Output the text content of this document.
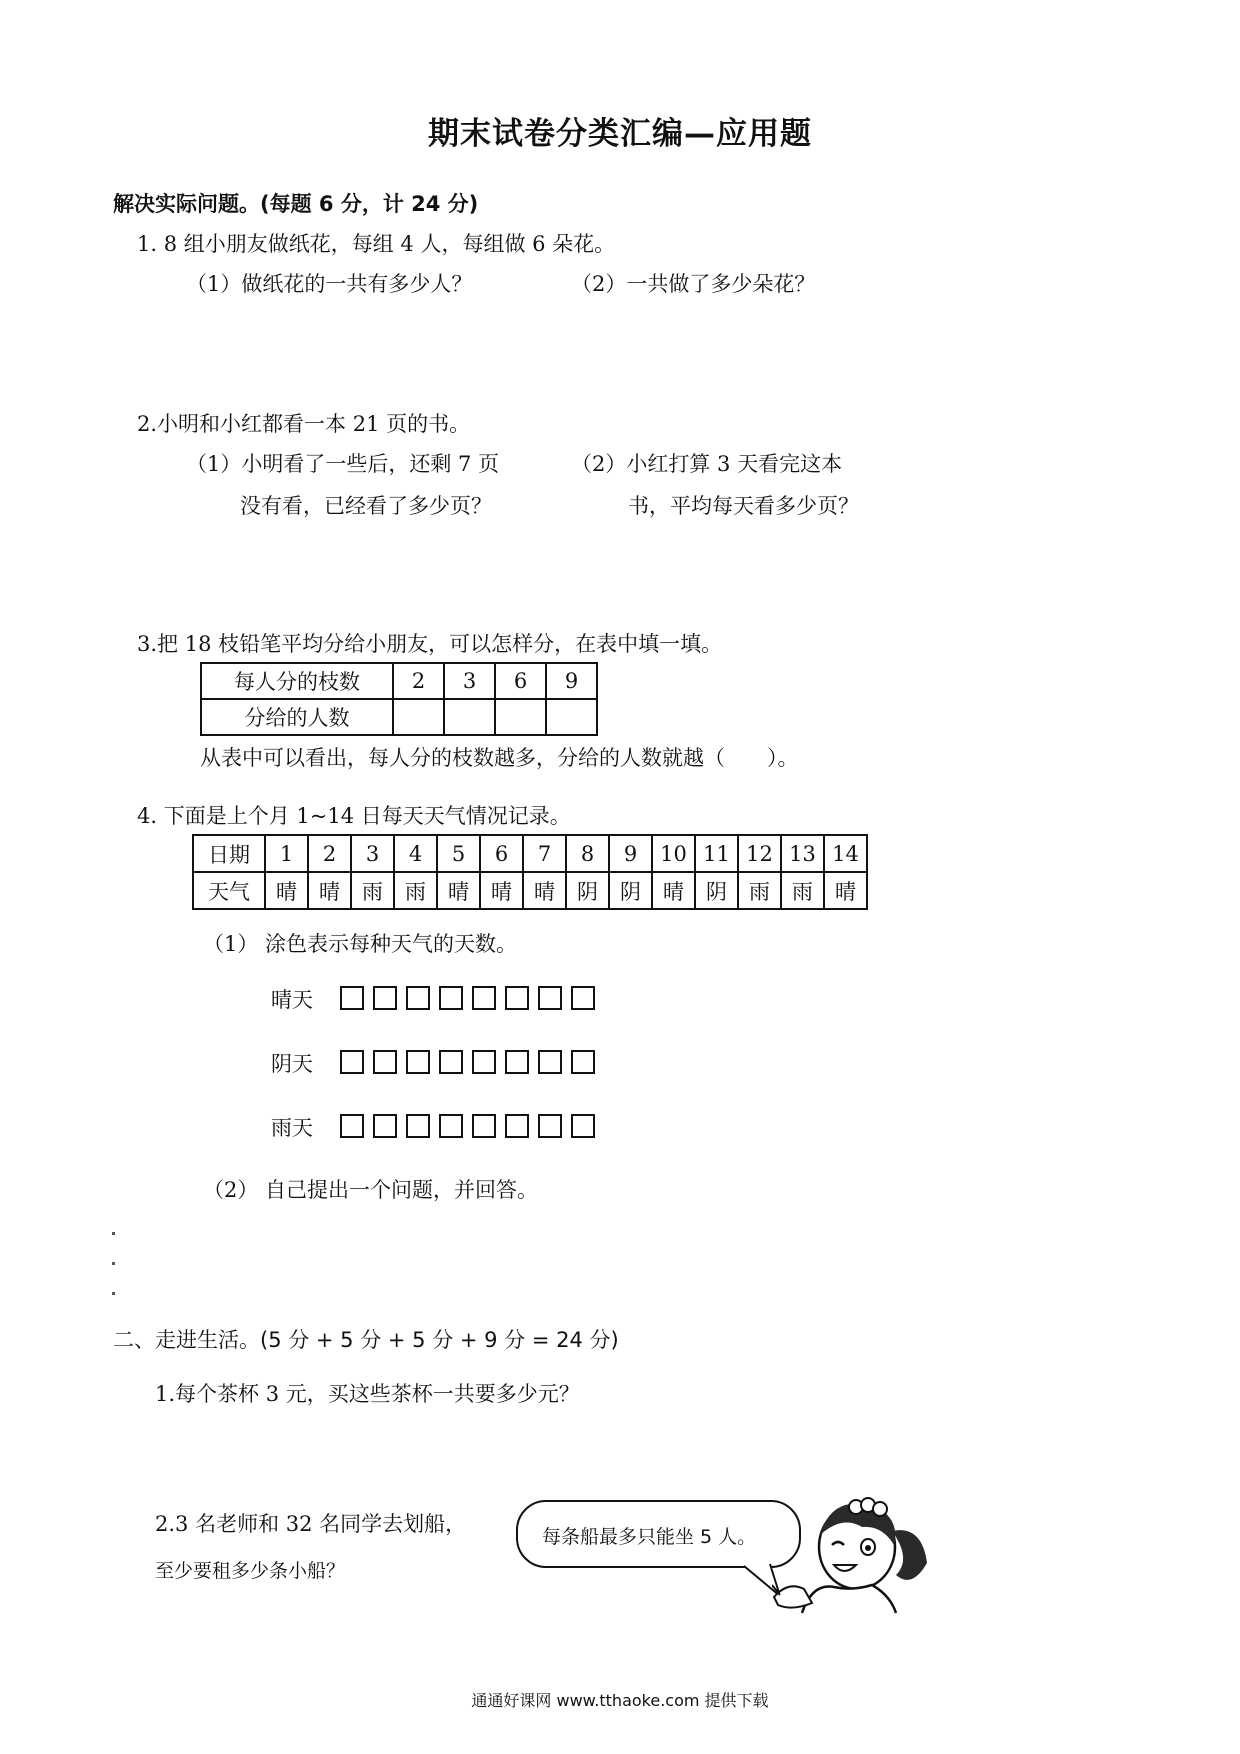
期末试卷分类汇编—应用题
解决实际问题。(每题 6 分，计 24 分)
1. 8 组小朋友做纸花，每组 4 人，每组做 6 朵花。
（1）做纸花的一共有多少人？	（2）一共做了多少朵花？
2.小明和小红都看一本 21 页的书。
（1）小明看了一些后，还剩 7 页
没有看，已经看了多少页？
（2）小红打算 3 天看完这本
书，平均每天看多少页？
3.把 18 枝铅笔平均分给小朋友，可以怎样分，在表中填一填。
每人分的枝数	2	3	6	9
分给的人数				
从表中可以看出，每人分的枝数越多，分给的人数就越（　　）。
4. 下面是上个月 1~14 日每天天气情况记录。
日期	1	2	3	4	5	6	7	8	9	10	11	12	13	14
天气	晴	晴	雨	雨	晴	晴	晴	阴	阴	晴	阴	雨	雨	晴
（1） 涂色表示每种天气的天数。
晴天
阴天
雨天
（2） 自己提出一个问题，并回答。
二、走进生活。(5 分 + 5 分 + 5 分 + 9 分 = 24 分)
1.每个茶杯 3 元，买这些茶杯一共要多少元？
2.3 名老师和 32 名同学去划船，
至少要租多少条小船？
每条船最多只能坐 5 人。
通通好课网 www.tthaoke.com 提供下载
